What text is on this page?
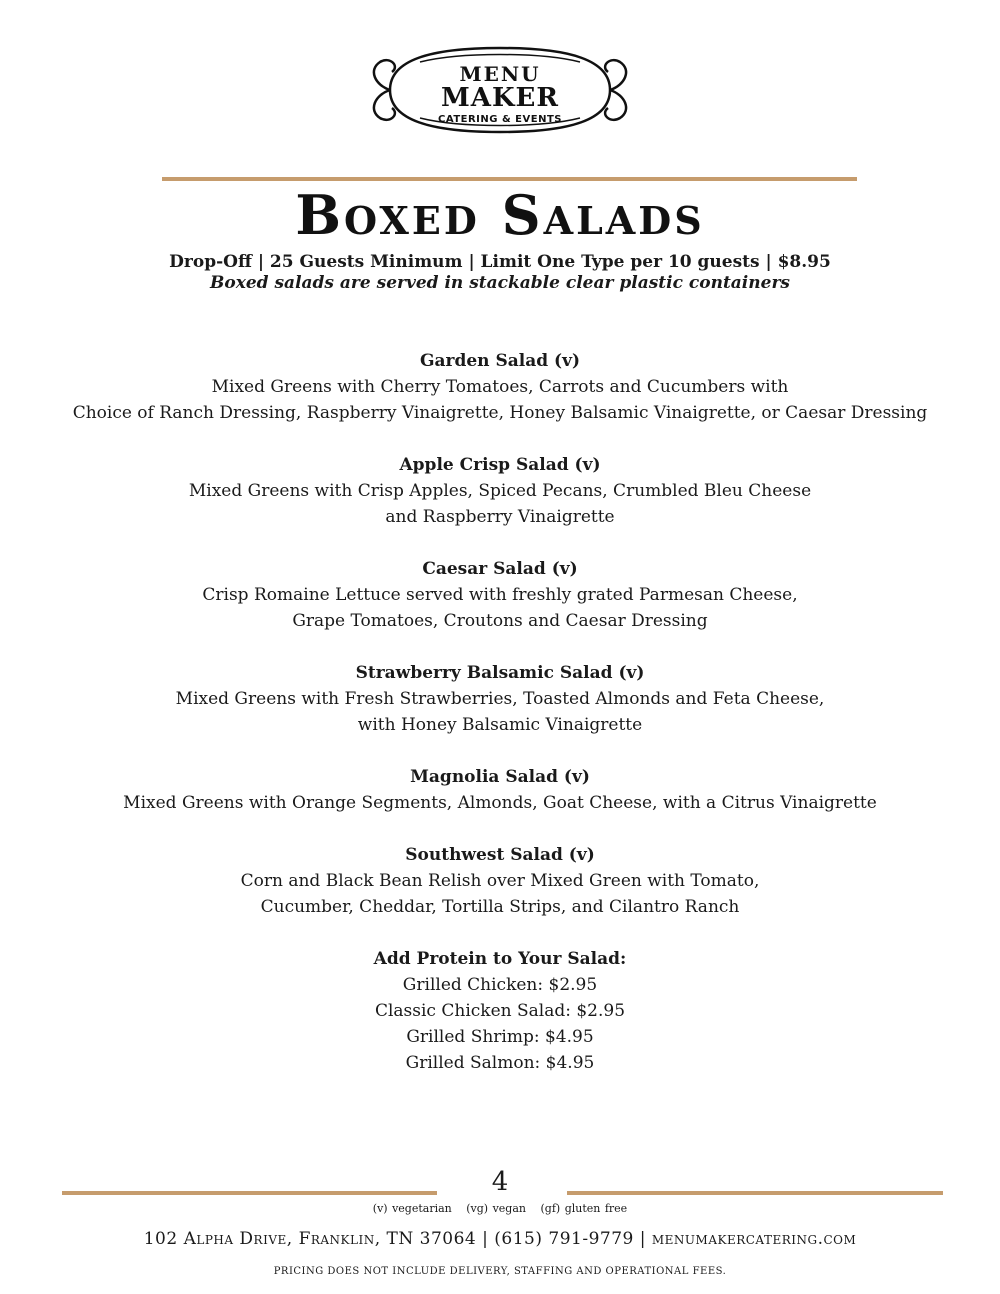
MENU
MAKER
CATERING & EVENTS
Boxed Salads
Drop-Off | 25 Guests Minimum | Limit One Type per 10 guests | $8.95
Boxed salads are served in stackable clear plastic containers
Garden Salad (v)

Mixed Greens with Cherry Tomatoes, Carrots and Cucumbers with

Choice of Ranch Dressing, Raspberry Vinaigrette, Honey Balsamic Vinaigrette, or Caesar Dressing

Apple Crisp Salad (v)

Mixed Greens with Crisp Apples, Spiced Pecans, Crumbled Bleu Cheese

and Raspberry Vinaigrette

Caesar Salad (v)

Crisp Romaine Lettuce served with freshly grated Parmesan Cheese,

Grape Tomatoes, Croutons and Caesar Dressing

Strawberry Balsamic Salad (v)

Mixed Greens with Fresh Strawberries, Toasted Almonds and Feta Cheese,

with Honey Balsamic Vinaigrette

Magnolia Salad (v)

Mixed Greens with Orange Segments, Almonds, Goat Cheese, with a Citrus Vinaigrette

Southwest Salad (v)

Corn and Black Bean Relish over Mixed Green with Tomato,

Cucumber, Cheddar, Tortilla Strips, and Cilantro Ranch

Add Protein to Your Salad:

Grilled Chicken: $2.95

Classic Chicken Salad: $2.95

Grilled Shrimp: $4.95

Grilled Salmon: $4.95

4
(v) vegetarian (vg) vegan (gf) gluten free
102 Alpha Drive, Franklin, TN 37064 | (615) 791-9779 | menumakercatering.com
PRICING DOES NOT INCLUDE DELIVERY, STAFFING AND OPERATIONAL FEES.
